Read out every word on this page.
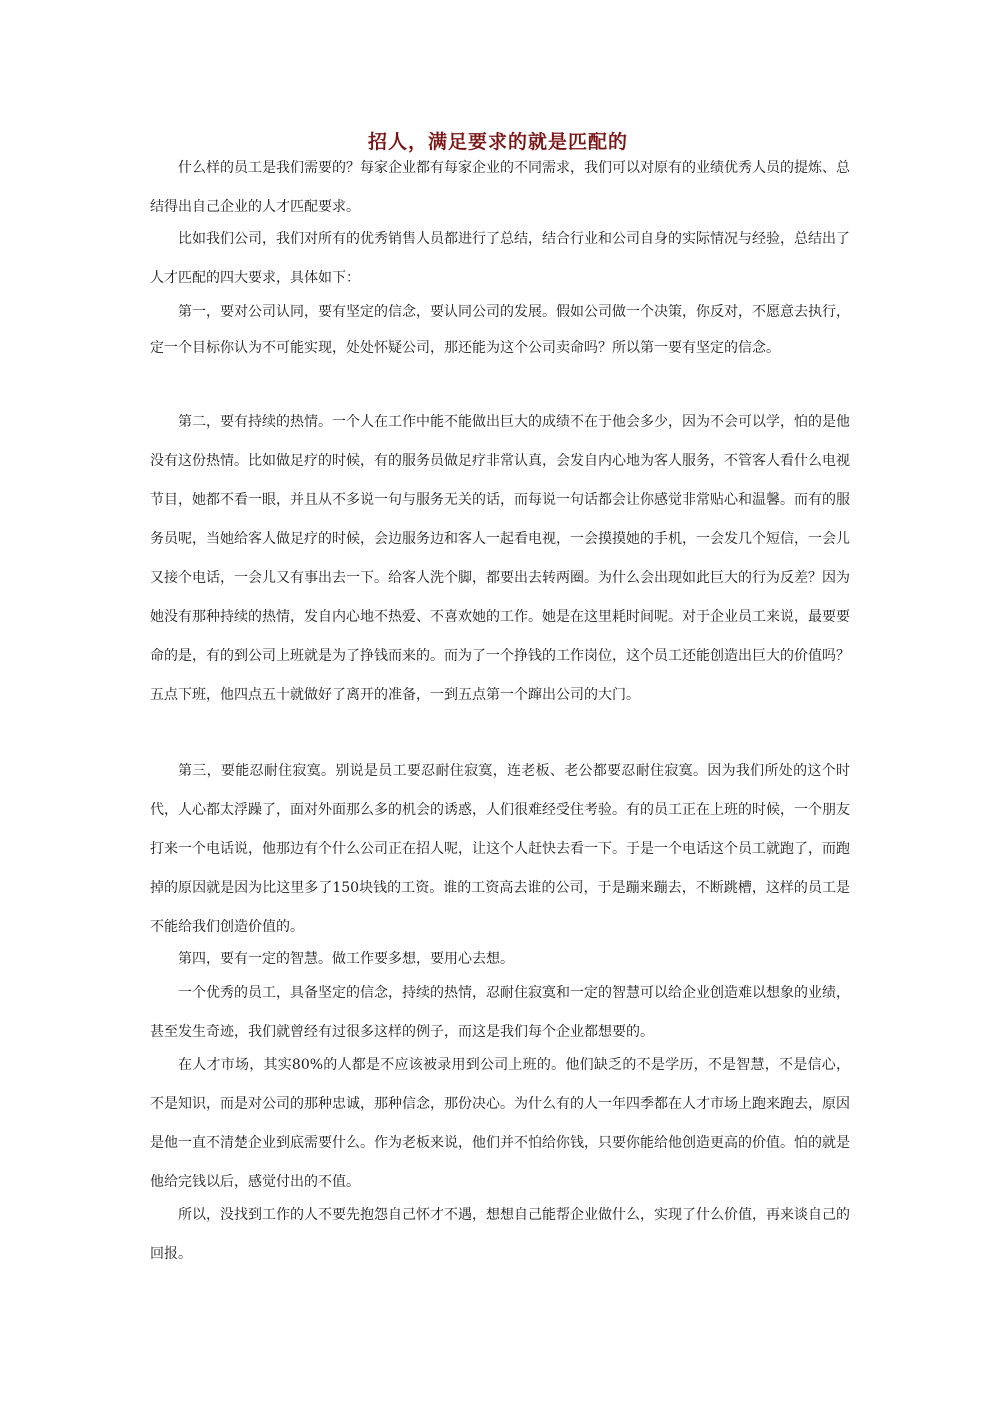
招人，满足要求的就是匹配的

什么样的员工是我们需要的？每家企业都有每家企业的不同需求，我们可以对原有的业绩优秀人员的提炼、总结得出自己企业的人才匹配要求。

比如我们公司，我们对所有的优秀销售人员都进行了总结，结合行业和公司自身的实际情况与经验，总结出了人才匹配的四大要求，具体如下：

第一，要对公司认同，要有坚定的信念，要认同公司的发展。假如公司做一个决策，你反对，不愿意去执行，定一个目标你认为不可能实现，处处怀疑公司，那还能为这个公司卖命吗？所以第一要有坚定的信念。

第二，要有持续的热情。一个人在工作中能不能做出巨大的成绩不在于他会多少，因为不会可以学，怕的是他没有这份热情。比如做足疗的时候，有的服务员做足疗非常认真，会发自内心地为客人服务，不管客人看什么电视节目，她都不看一眼，并且从不多说一句与服务无关的话，而每说一句话都会让你感觉非常贴心和温馨。而有的服务员呢，当她给客人做足疗的时候，会边服务边和客人一起看电视，一会摸摸她的手机，一会发几个短信，一会儿又接个电话，一会儿又有事出去一下。给客人洗个脚，都要出去转两圈。为什么会出现如此巨大的行为反差？因为她没有那种持续的热情，发自内心地不热爱、不喜欢她的工作。她是在这里耗时间呢。对于企业员工来说，最要要命的是，有的到公司上班就是为了挣钱而来的。而为了一个挣钱的工作岗位，这个员工还能创造出巨大的价值吗？五点下班，他四点五十就做好了离开的准备，一到五点第一个蹿出公司的大门。

第三，要能忍耐住寂寞。别说是员工要忍耐住寂寞，连老板、老公都要忍耐住寂寞。因为我们所处的这个时代，人心都太浮躁了，面对外面那么多的机会的诱惑，人们很难经受住考验。有的员工正在上班的时候，一个朋友打来一个电话说，他那边有个什么公司正在招人呢，让这个人赶快去看一下。于是一个电话这个员工就跑了，而跑掉的原因就是因为比这里多了150块钱的工资。谁的工资高去谁的公司，于是蹦来蹦去，不断跳槽，这样的员工是不能给我们创造价值的。

第四，要有一定的智慧。做工作要多想，要用心去想。

一个优秀的员工，具备坚定的信念，持续的热情，忍耐住寂寞和一定的智慧可以给企业创造难以想象的业绩，甚至发生奇迹，我们就曾经有过很多这样的例子，而这是我们每个企业都想要的。

在人才市场，其实80%的人都是不应该被录用到公司上班的。他们缺乏的不是学历，不是智慧，不是信心，不是知识，而是对公司的那种忠诚，那种信念，那份决心。为什么有的人一年四季都在人才市场上跑来跑去，原因是他一直不清楚企业到底需要什么。作为老板来说，他们并不怕给你钱，只要你能给他创造更高的价值。怕的就是他给完钱以后，感觉付出的不值。

所以，没找到工作的人不要先抱怨自己怀才不遇，想想自己能帮企业做什么，实现了什么价值，再来谈自己的回报。
